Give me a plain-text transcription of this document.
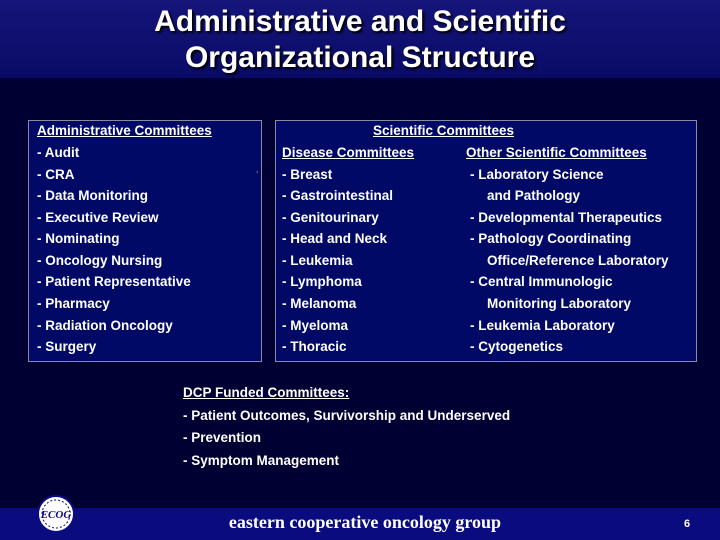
Administrative and Scientific
Organizational Structure
Administrative Committees
- Audit
- CRA
- Data Monitoring
- Executive Review
- Nominating
- Oncology Nursing
- Patient Representative
- Pharmacy
- Radiation Oncology
- Surgery
‘
Scientific Committees
Disease Committees
- Breast
- Gastrointestinal
- Genitourinary
- Head and Neck
- Leukemia
- Lymphoma
- Melanoma
- Myeloma
- Thoracic
Other Scientific Committees
- Laboratory Science
and Pathology
- Developmental Therapeutics
- Pathology Coordinating
Office/Reference Laboratory
- Central Immunologic
Monitoring Laboratory
- Leukemia Laboratory
- Cytogenetics
DCP Funded Committees:
- Patient Outcomes, Survivorship and Underserved
- Prevention
- Symptom Management
ECOG	eastern cooperative oncology group	6
